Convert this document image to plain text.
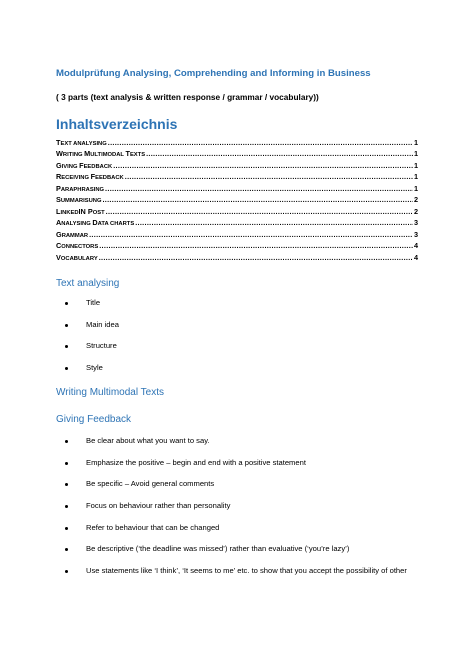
Modulprüfung Analysing, Comprehending and Informing in Business
( 3 parts (text analysis & written response / grammar / vocabulary))
Inhaltsverzeichnis
TEXT ANALYSING .....	1
WRITING MULTIMODAL TEXTS .....	1
GIVING FEEDBACK .....	1
RECEIVING FEEDBACK .....	1
PARAPHRASING .....	1
SUMMARISUNG .....	2
LINKEDIN POST .....	2
ANALYSING DATA CHARTS .....	3
GRAMMAR .....	3
CONNECTORS .....	4
VOCABULARY .....	4
Text analysing
Title
Main idea
Structure
Style
Writing Multimodal Texts
Giving Feedback
Be clear about what you want to say.
Emphasize the positive – begin and end with a positive statement
Be specific – Avoid general comments
Focus on behaviour rather than personality
Refer to behaviour that can be changed
Be descriptive (‘the deadline was missed’) rather than evaluative (‘you’re lazy’)
Use statements like ‘I think’, ‘It seems to me’ etc. to show that you accept the possibility of other
